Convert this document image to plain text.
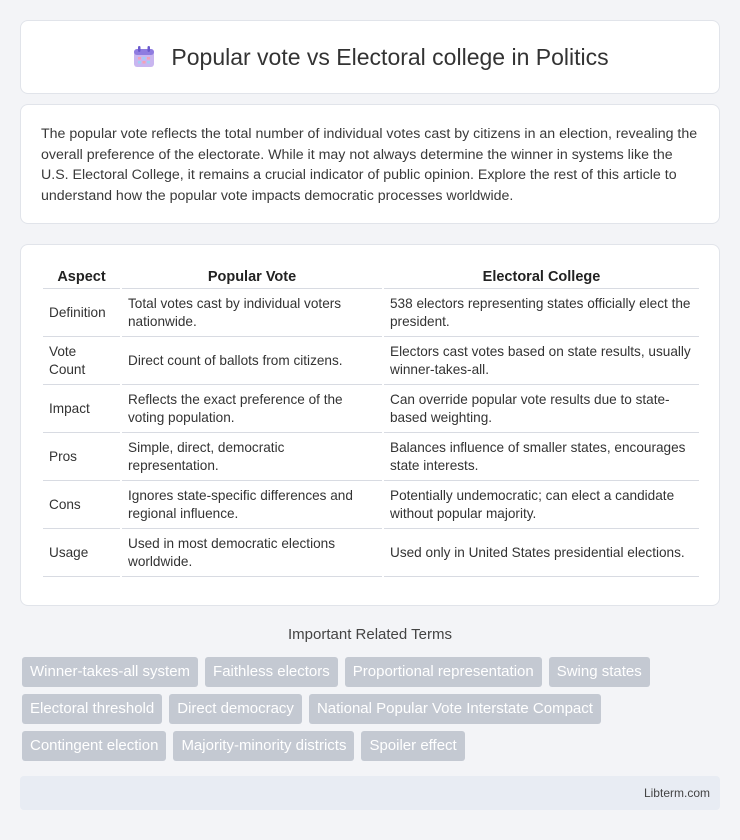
Popular vote vs Electoral college in Politics

The popular vote reflects the total number of individual votes cast by citizens in an election, revealing the overall preference of the electorate. While it may not always determine the winner in systems like the U.S. Electoral College, it remains a crucial indicator of public opinion. Explore the rest of this article to understand how the popular vote impacts democratic processes worldwide.

Aspect	Popular Vote	Electoral College
Definition	Total votes cast by individual voters nationwide.	538 electors representing states officially elect the president.
Vote Count	Direct count of ballots from citizens.	Electors cast votes based on state results, usually winner-takes-all.
Impact	Reflects the exact preference of the voting population.	Can override popular vote results due to state-based weighting.
Pros	Simple, direct, democratic representation.	Balances influence of smaller states, encourages state interests.
Cons	Ignores state-specific differences and regional influence.	Potentially undemocratic; can elect a candidate without popular majority.
Usage	Used in most democratic elections worldwide.	Used only in United States presidential elections.
Important Related Terms
Winner-takes-all system	Faithless electors	Proportional representation	Swing states
Electoral threshold	Direct democracy	National Popular Vote Interstate Compact
Contingent election	Majority-minority districts	Spoiler effect
Libterm.com
